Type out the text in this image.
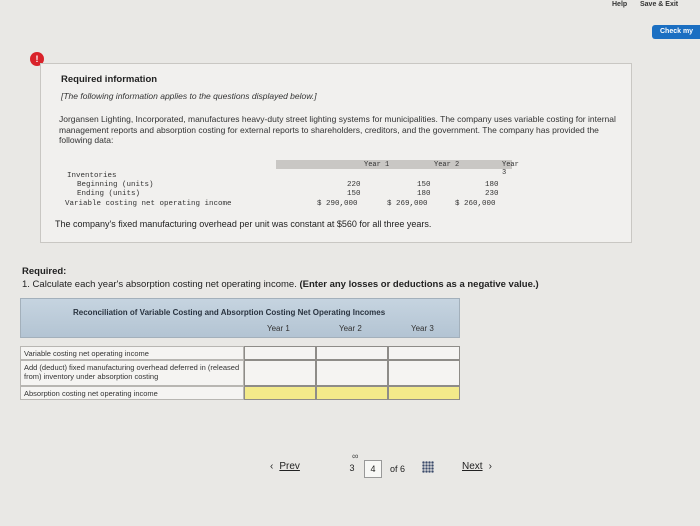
Help Save & Exit
Check my
!
Required information
[The following information applies to the questions displayed below.]
Jorgansen Lighting, Incorporated, manufactures heavy-duty street lighting systems for municipalities. The company uses variable costing for internal management reports and absorption costing for external reports to shareholders, creditors, and the government. The company has provided the following data:
Year 1	Year 2	Year 3
Inventories
Beginning (units)	220	150	180
Ending (units)	150	180	230
Variable costing net operating income	$ 290,000	$ 269,000	$ 260,000
The company's fixed manufacturing overhead per unit was constant at $560 for all three years.
Required:
1. Calculate each year's absorption costing net operating income. (Enter any losses or deductions as a negative value.)
Reconciliation of Variable Costing and Absorption Costing Net Operating Incomes
Year 1	Year 2	Year 3
Variable costing net operating income
Add (deduct) fixed manufacturing overhead deferred in (released from) inventory under absorption costing
Absorption costing net operating income
‹ Prev
∞
3	4	of 6	Next ›
